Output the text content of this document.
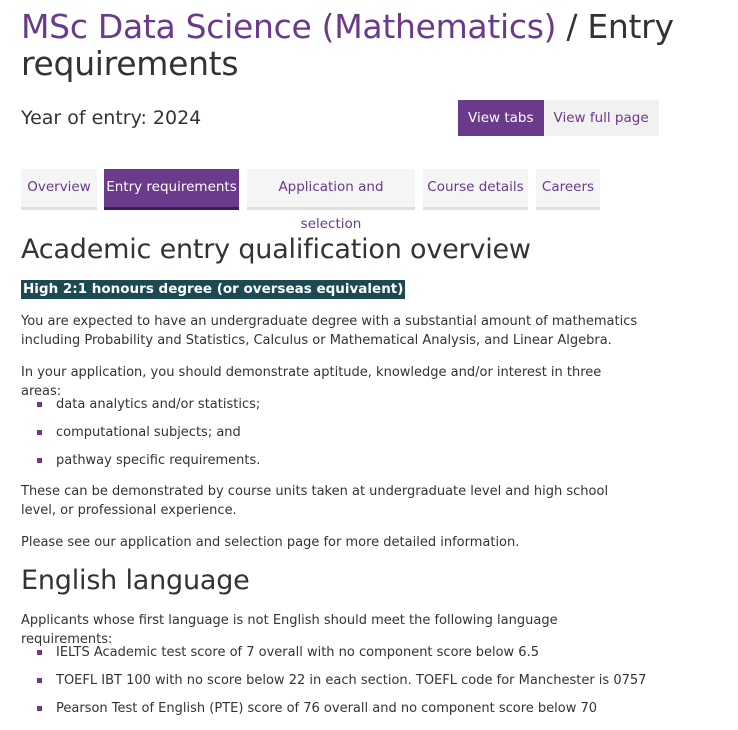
MSc Data Science (Mathematics) / Entry requirements

Year of entry: 2024	View tabs	View full page
Overview	Entry requirements	Application and selection
Course details	Careers
Academic entry qualification overview
High 2:1 honours degree (or overseas equivalent)

You are expected to have an undergraduate degree with a substantial amount of mathematics including Probability and Statistics, Calculus or Mathematical Analysis, and Linear Algebra.

In your application, you should demonstrate aptitude, knowledge and/or interest in three areas:

data analytics and/or statistics;
computational subjects; and
pathway specific requirements.

These can be demonstrated by course units taken at undergraduate level and high school level, or professional experience.

Please see our application and selection page for more detailed information.

English language

Applicants whose first language is not English should meet the following language requirements:

IELTS Academic test score of 7 overall with no component score below 6.5
TOEFL IBT 100 with no score below 22 in each section. TOEFL code for Manchester is 0757
Pearson Test of English (PTE) score of 76 overall and no component score below 70
